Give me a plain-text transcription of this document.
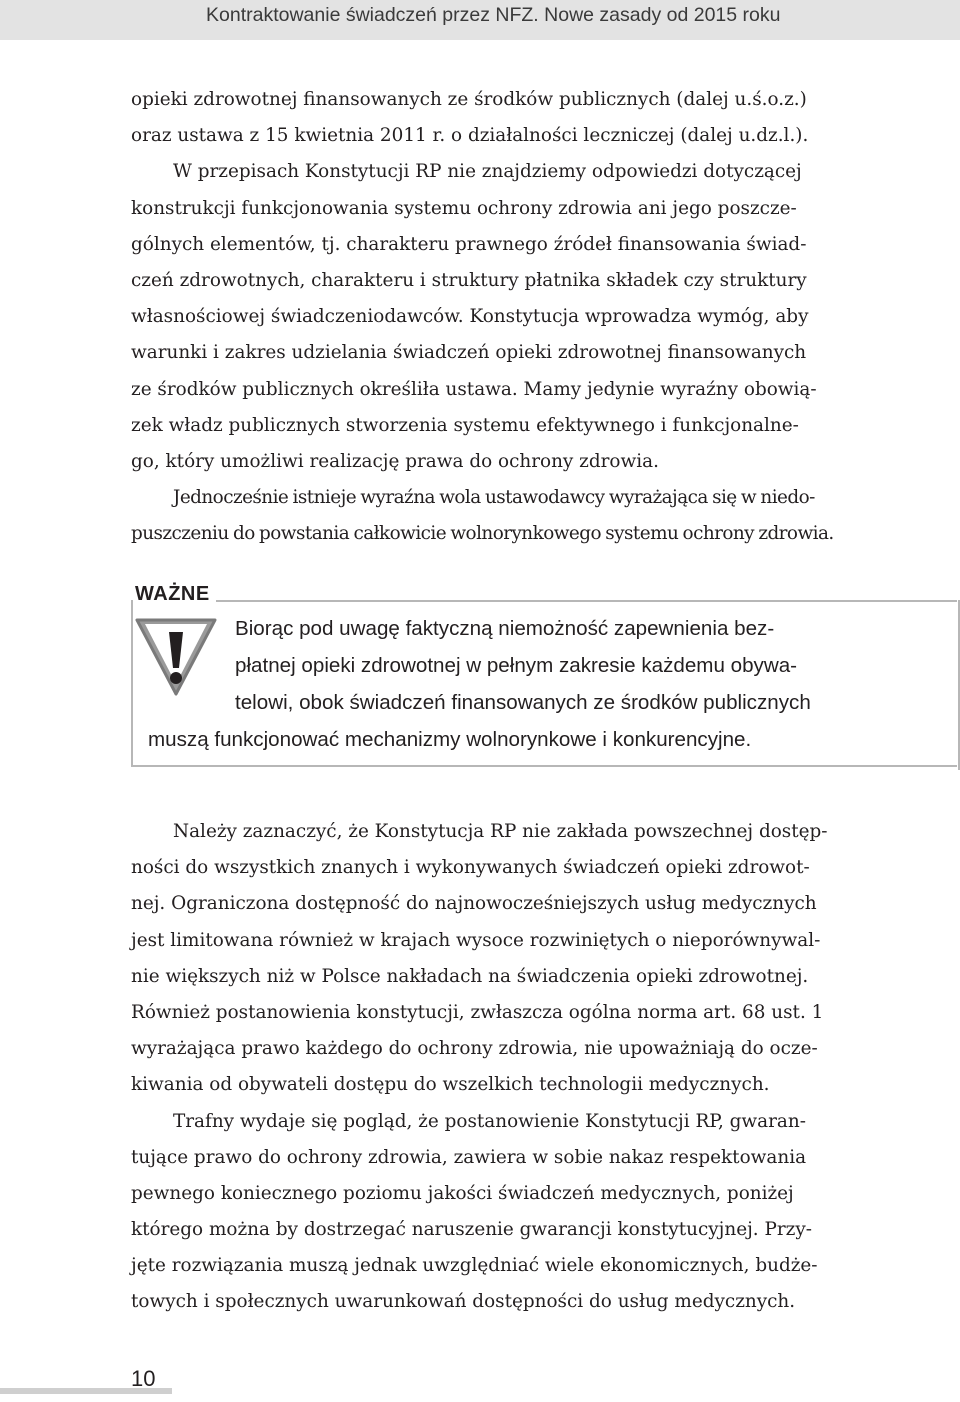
Kontraktowanie świadczeń przez NFZ. Nowe zasady od 2015 roku
opieki zdrowotnej finansowanych ze środków publicznych (dalej u.ś.o.z.)
oraz ustawa z 15 kwietnia 2011 r. o działalności leczniczej (dalej u.dz.l.).
W przepisach Konstytucji RP nie znajdziemy odpowiedzi dotyczącej
konstrukcji funkcjonowania systemu ochrony zdrowia ani jego poszcze-
gólnych elementów, tj. charakteru prawnego źródeł finansowania świad-
czeń zdrowotnych, charakteru i struktury płatnika składek czy struktury
własnościowej świadczeniodawców. Konstytucja wprowadza wymóg, aby
warunki i zakres udzielania świadczeń opieki zdrowotnej finansowanych
ze środków publicznych określiła ustawa. Mamy jedynie wyraźny obowią-
zek władz publicznych stworzenia systemu efektywnego i funkcjonalne-
go, który umożliwi realizację prawa do ochrony zdrowia.
Jednocześnie istnieje wyraźna wola ustawodawcy wyrażająca się w niedo-
puszczeniu do powstania całkowicie wolnorynkowego systemu ochrony zdrowia.
WAŻNE
Biorąc pod uwagę faktyczną niemożność zapewnienia bez-
płatnej opieki zdrowotnej w pełnym zakresie każdemu obywa-
telowi, obok świadczeń finansowanych ze środków publicznych
muszą funkcjonować mechanizmy wolnorynkowe i konkurencyjne.
Należy zaznaczyć, że Konstytucja RP nie zakłada powszechnej dostęp-
ności do wszystkich znanych i wykonywanych świadczeń opieki zdrowot-
nej. Ograniczona dostępność do najnowocześniejszych usług medycznych
jest limitowana również w krajach wysoce rozwiniętych o nieporównywal-
nie większych niż w Polsce nakładach na świadczenia opieki zdrowotnej.
Również postanowienia konstytucji, zwłaszcza ogólna norma art. 68 ust. 1
wyrażająca prawo każdego do ochrony zdrowia, nie upoważniają do ocze-
kiwania od obywateli dostępu do wszelkich technologii medycznych.
Trafny wydaje się pogląd, że postanowienie Konstytucji RP, gwaran-
tujące prawo do ochrony zdrowia, zawiera w sobie nakaz respektowania
pewnego koniecznego poziomu jakości świadczeń medycznych, poniżej
którego można by dostrzegać naruszenie gwarancji konstytucyjnej. Przy-
jęte rozwiązania muszą jednak uwzględniać wiele ekonomicznych, budże-
towych i społecznych uwarunkowań dostępności do usług medycznych.
10
